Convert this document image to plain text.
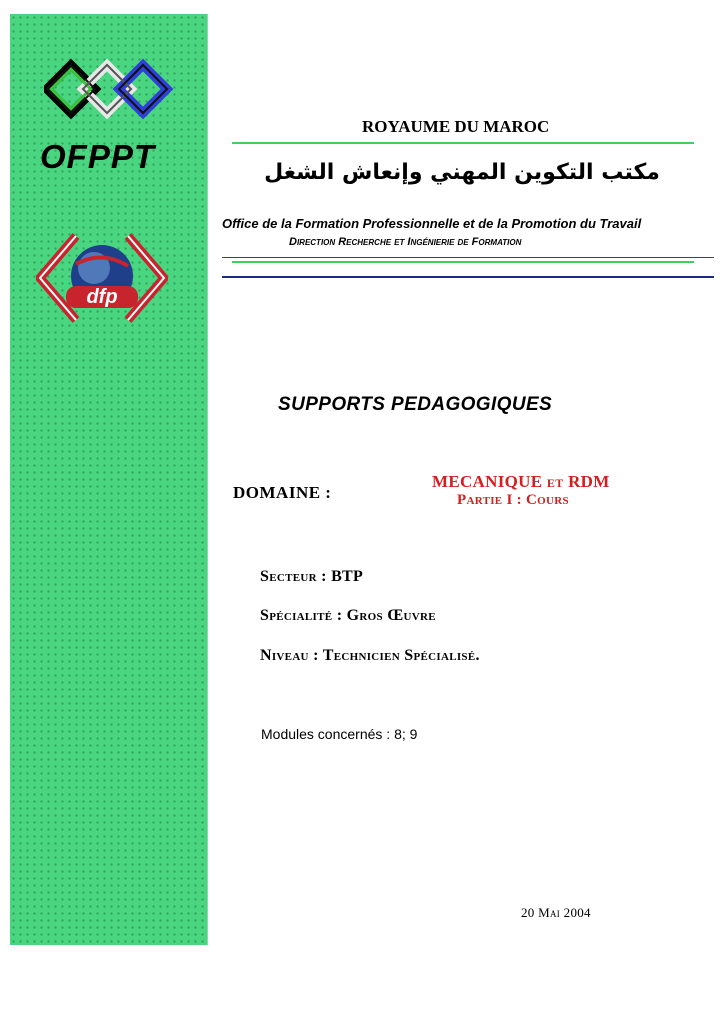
OFPPT
dfp
ROYAUME DU MAROC
مكتب التكوين المهني وإنعاش الشغل
Office de la Formation Professionnelle et de la Promotion du Travail
Direction Recherche et Ingénierie de Formation
SUPPORTS PEDAGOGIQUES
DOMAINE :
MECANIQUE et RDM
Partie I : Cours
Secteur : BTP
Spécialité : Gros Œuvre
Niveau : Technicien Spécialisé.
Modules concernés : 8; 9
20 Mai 2004
